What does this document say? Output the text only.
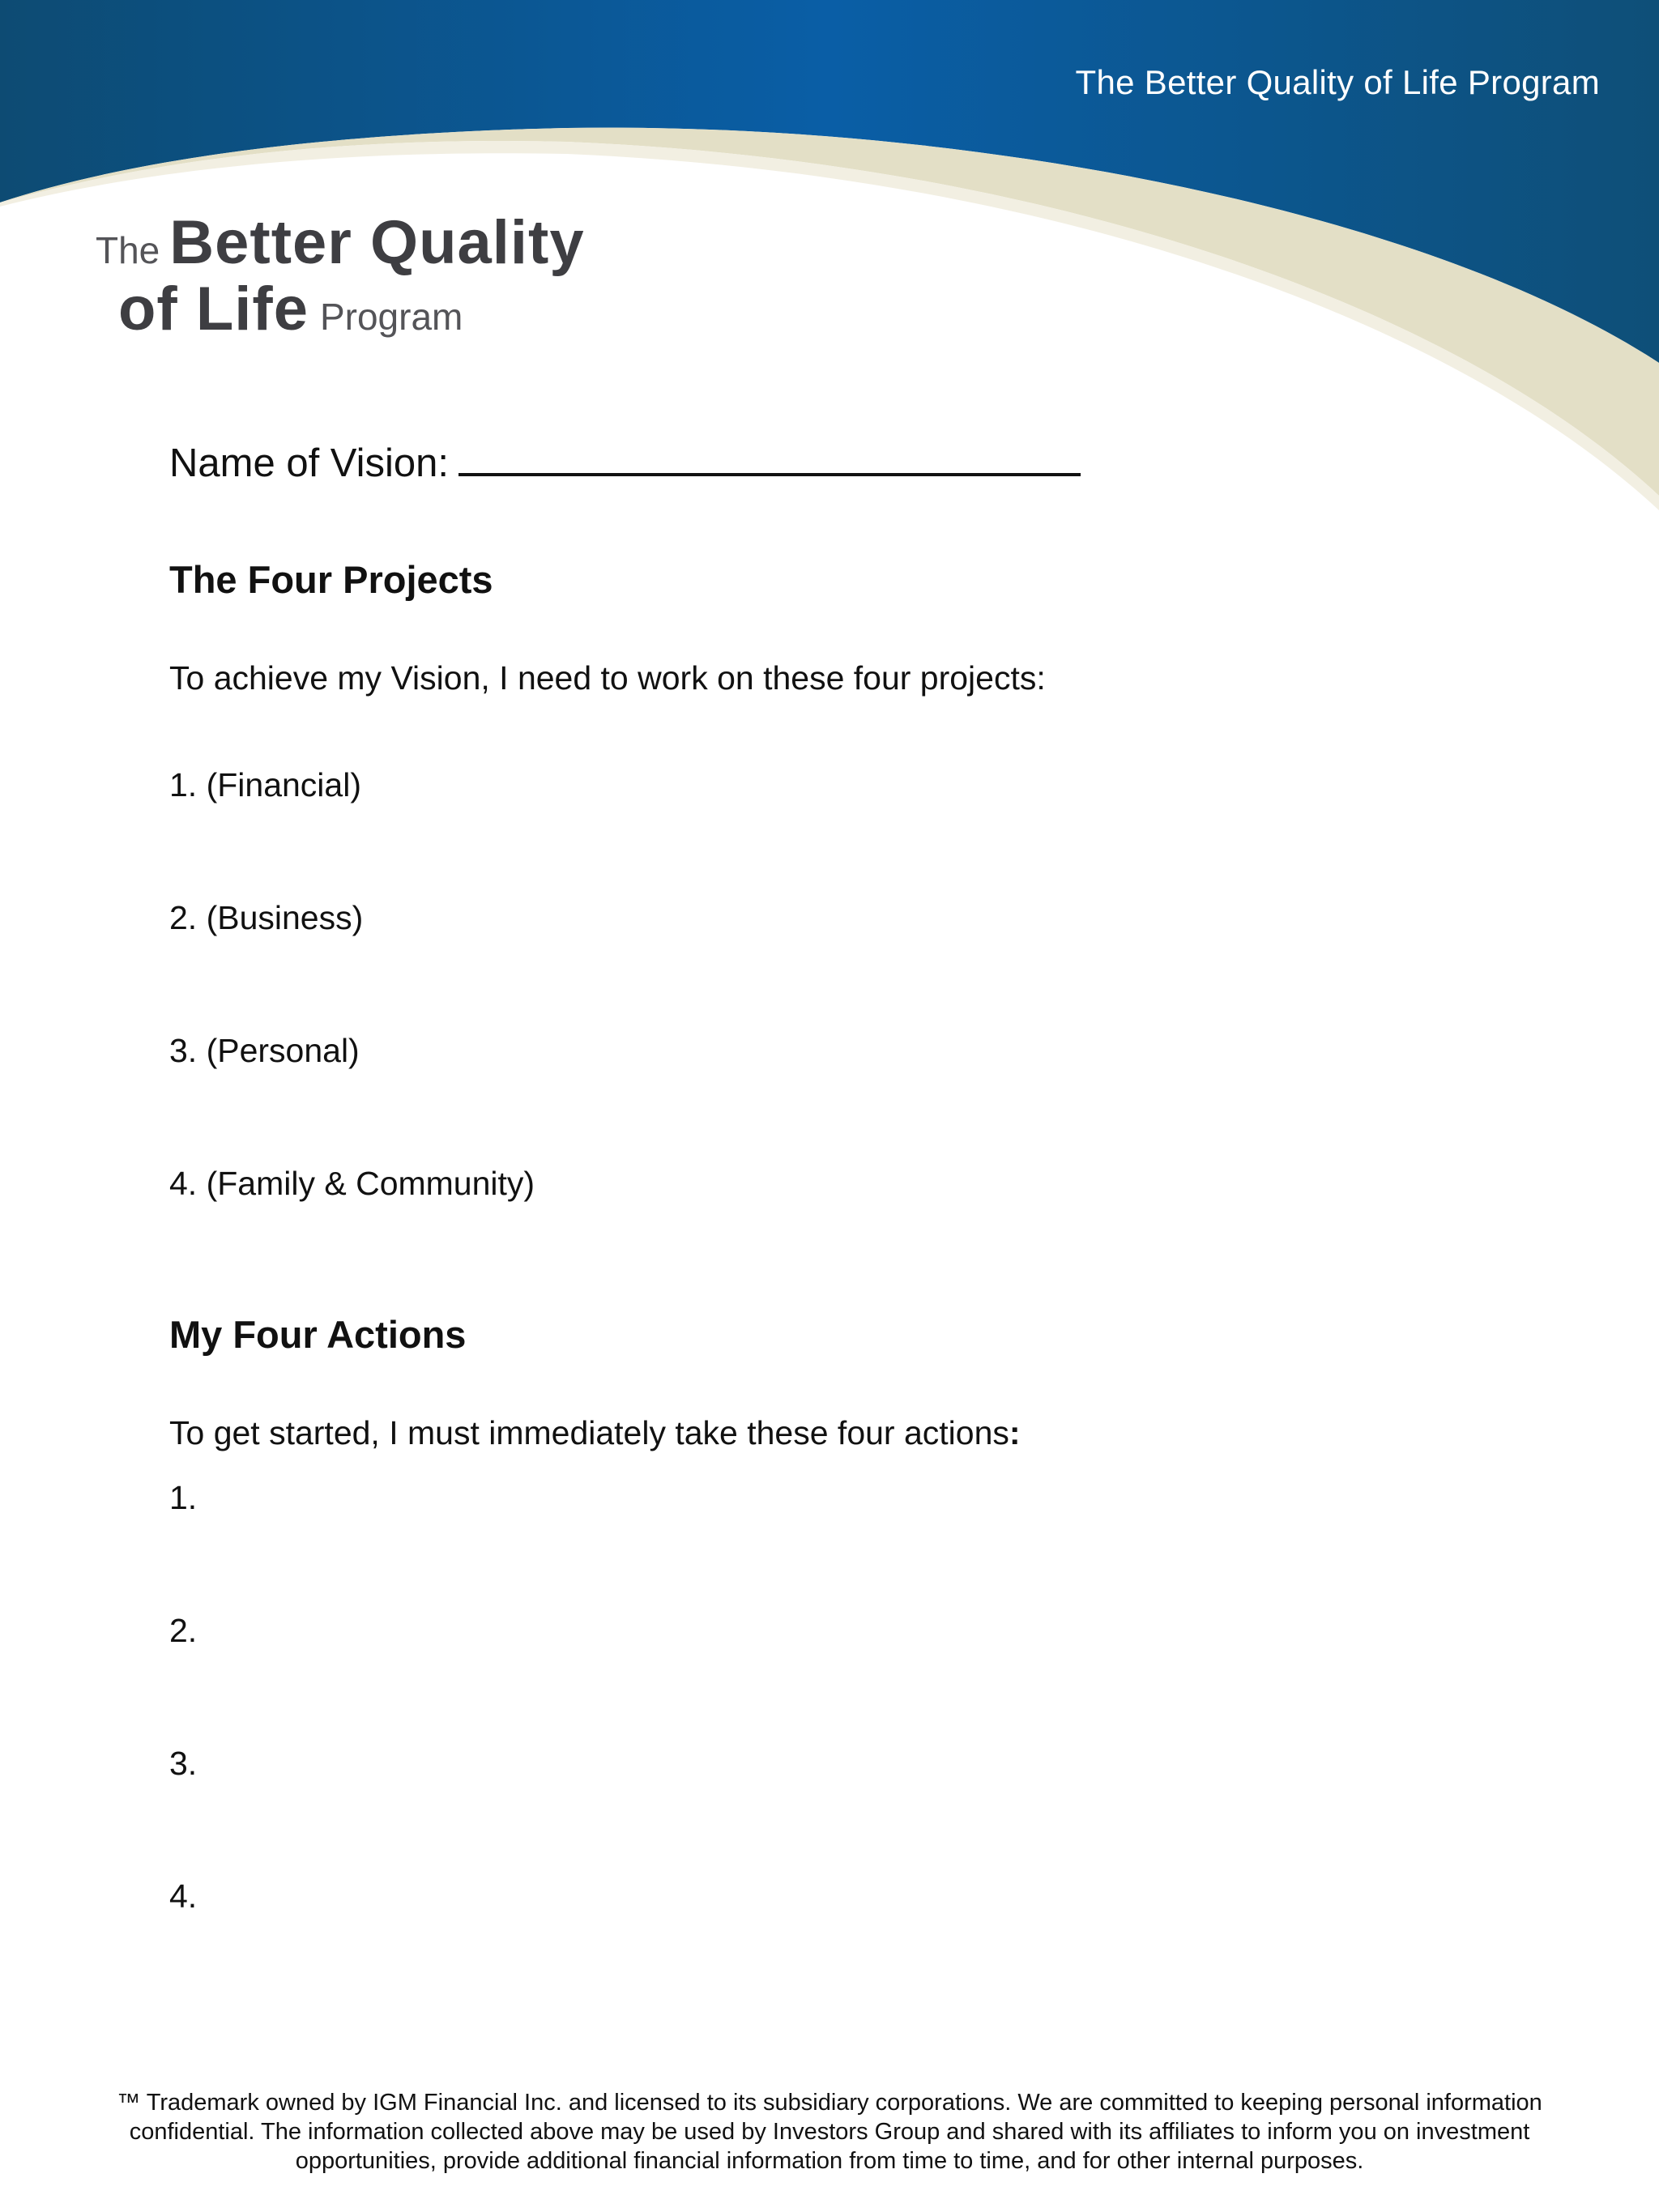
The Better Quality of Life Program
The Better Quality
of Life Program
Name of Vision:
The Four Projects
To achieve my Vision, I need to work on these four projects:
1. (Financial)
2. (Business)
3. (Personal)
4. (Family & Community)
My Four Actions
To get started, I must immediately take these four actions:
1.
2.
3.
4.
™ Trademark owned by IGM Financial Inc. and licensed to its subsidiary corporations. We are committed to keeping personal information
confidential. The information collected above may be used by Investors Group and shared with its affiliates to inform you on investment
opportunities, provide additional financial information from time to time, and for other internal purposes.
